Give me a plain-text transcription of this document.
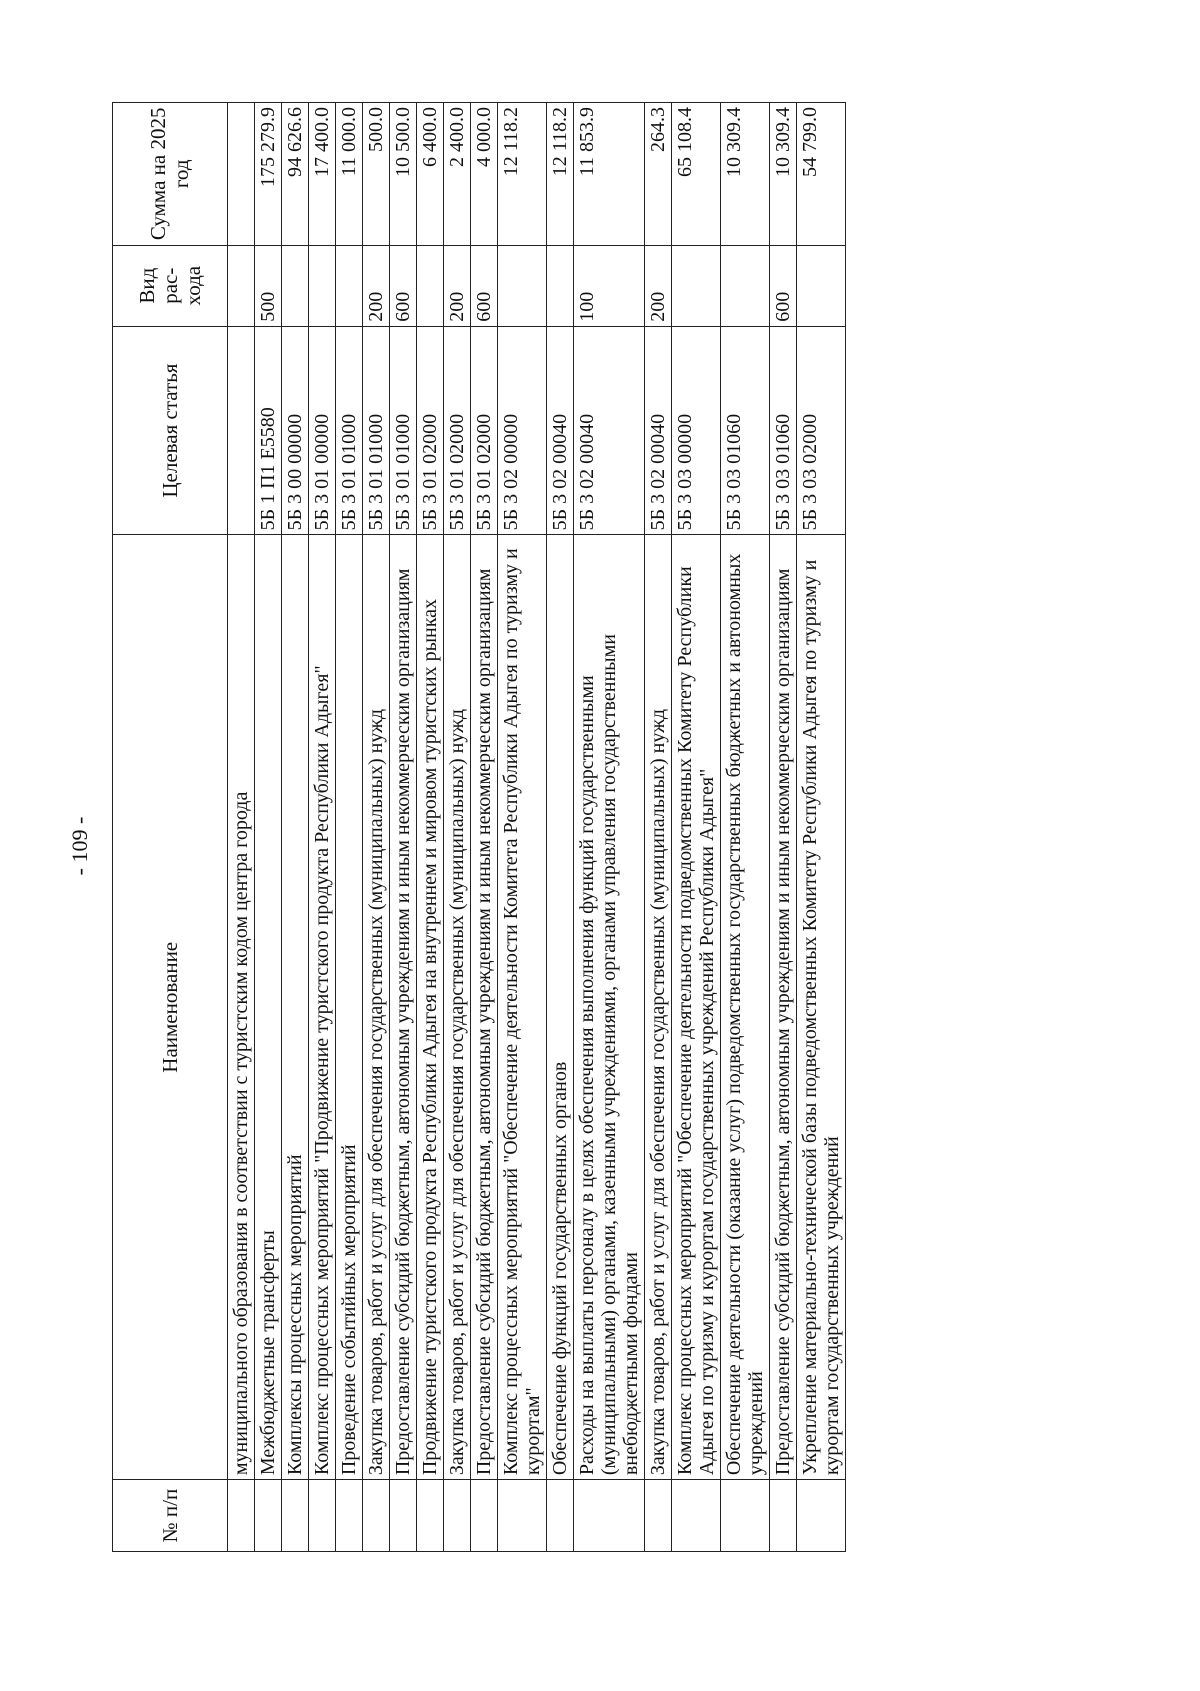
- 109 -
№ п/п	Наименование	Целевая статья	Вид рас-хода	Сумма на 2025 год
	муниципального образования в соответствии с туристским кодом центра города			
	Межбюджетные трансферты	5Б 1 П1 Е5580	500	175 279.9
	Комплексы процессных мероприятий	5Б 3 00 00000		94 626.6
	Комплекс процессных мероприятий "Продвижение туристского продукта Республики Адыгея"	5Б 3 01 00000		17 400.0
	Проведение событийных мероприятий	5Б 3 01 01000		11 000.0
	Закупка товаров, работ и услуг для обеспечения государственных (муниципальных) нужд	5Б 3 01 01000	200	500.0
	Предоставление субсидий бюджетным, автономным учреждениям и иным некоммерческим организациям	5Б 3 01 01000	600	10 500.0
	Продвижение туристского продукта Республики Адыгея на внутреннем и мировом туристских рынках	5Б 3 01 02000		6 400.0
	Закупка товаров, работ и услуг для обеспечения государственных (муниципальных) нужд	5Б 3 01 02000	200	2 400.0
	Предоставление субсидий бюджетным, автономным учреждениям и иным некоммерческим организациям	5Б 3 01 02000	600	4 000.0
	Комплекс процессных мероприятий "Обеспечение деятельности Комитета Республики Адыгея по туризму и курортам"	5Б 3 02 00000		12 118.2
	Обеспечение функций государственных органов	5Б 3 02 00040		12 118.2
	Расходы на выплаты персоналу в целях обеспечения выполнения функций государственными (муниципальными) органами, казенными учреждениями, органами управления государственными внебюджетными фондами	5Б 3 02 00040	100	11 853.9
	Закупка товаров, работ и услуг для обеспечения государственных (муниципальных) нужд	5Б 3 02 00040	200	264.3
	Комплекс процессных мероприятий "Обеспечение деятельности подведомственных Комитету Республики Адыгея по туризму и курортам государственных учреждений Республики Адыгея"	5Б 3 03 00000		65 108.4
	Обеспечение деятельности (оказание услуг) подведомственных государственных бюджетных и автономных учреждений	5Б 3 03 01060		10 309.4
	Предоставление субсидий бюджетным, автономным учреждениям и иным некоммерческим организациям	5Б 3 03 01060	600	10 309.4
	Укрепление материально-технической базы подведомственных Комитету Республики Адыгея по туризму и курортам государственных учреждений	5Б 3 03 02000		54 799.0
